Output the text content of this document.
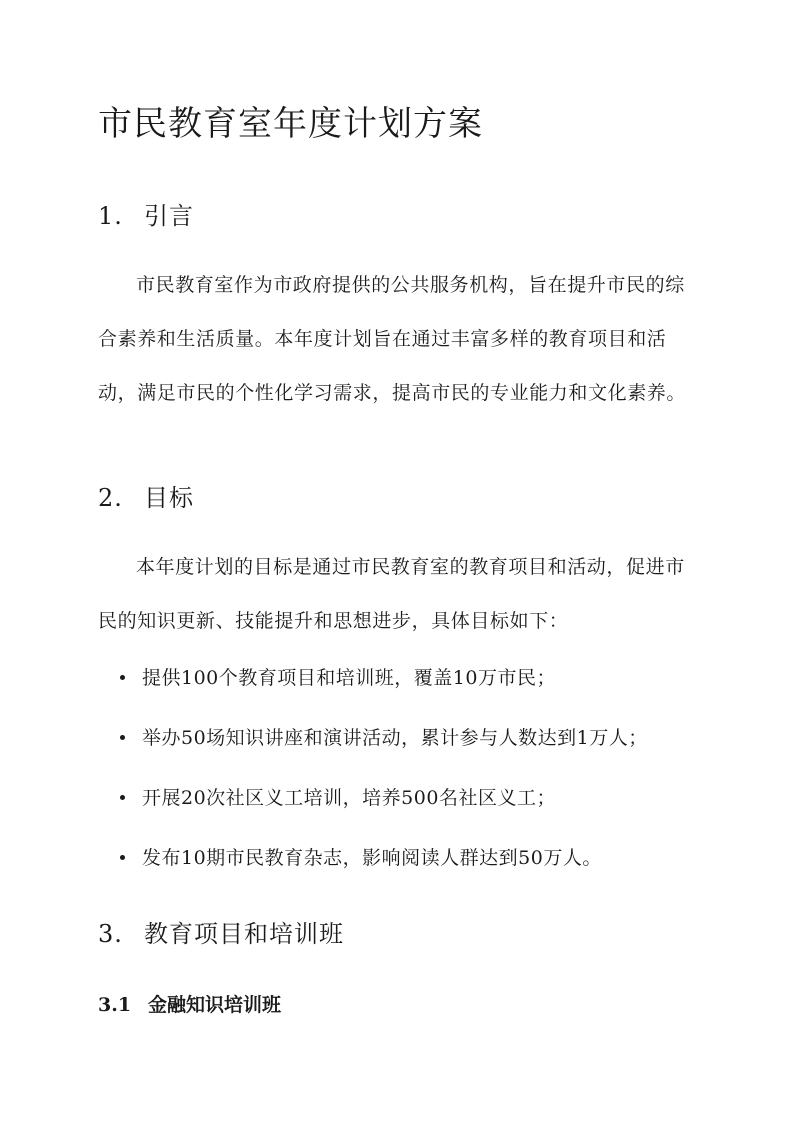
市民教育室年度计划方案
1. 引言

市民教育室作为市政府提供的公共服务机构，旨在提升市民的综合素养和生活质量。本年度计划旨在通过丰富多样的教育项目和活动，满足市民的个性化学习需求，提高市民的专业能力和文化素养。

2. 目标

本年度计划的目标是通过市民教育室的教育项目和活动，促进市民的知识更新、技能提升和思想进步，具体目标如下：

提供100个教育项目和培训班，覆盖10万市民；
举办50场知识讲座和演讲活动，累计参与人数达到1万人；
开展20次社区义工培训，培养500名社区义工；
发布10期市民教育杂志，影响阅读人群达到50万人。
3. 教育项目和培训班
3.1 金融知识培训班
